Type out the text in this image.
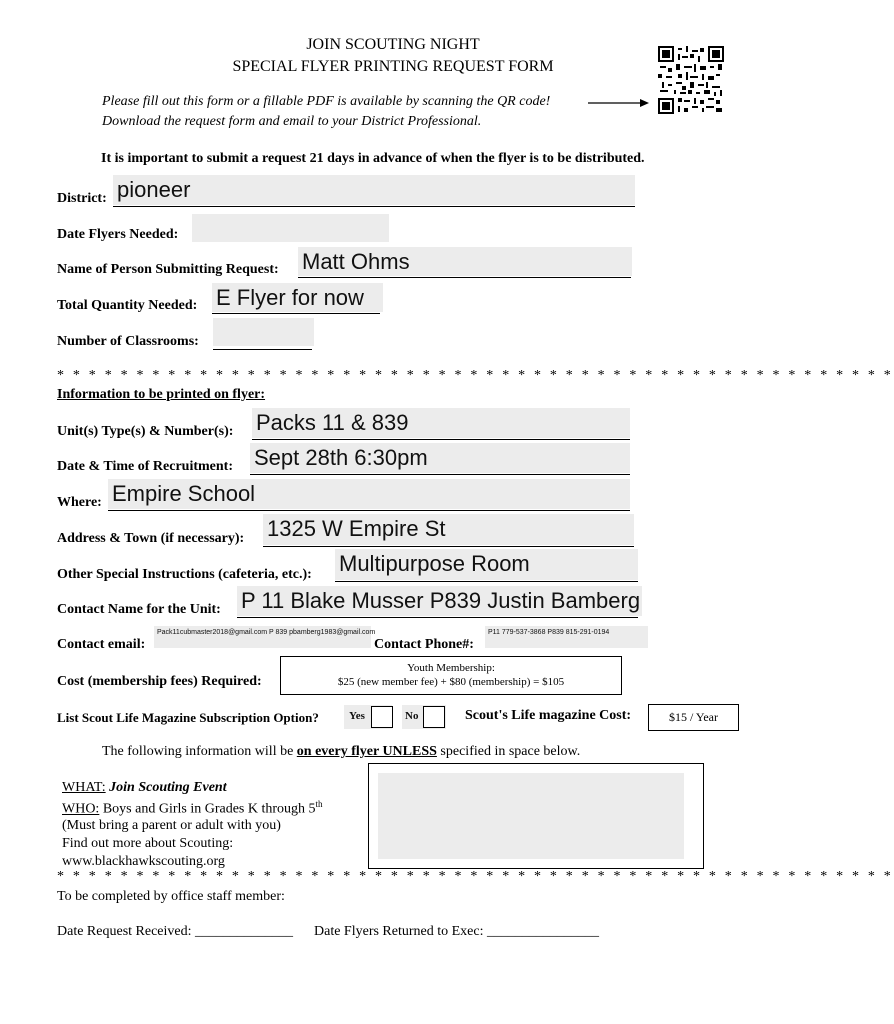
JOIN SCOUTING NIGHT
SPECIAL FLYER PRINTING REQUEST FORM
Please fill out this form or a fillable PDF is available by scanning the QR code!
Download the request form and email to your District Professional.
It is important to submit a request 21 days in advance of when the flyer is to be distributed.
District: pioneer
Date Flyers Needed:
Name of Person Submitting Request: Matt Ohms
Total Quantity Needed: E Flyer for now
Number of Classrooms:
* * * * * * * * * * * * * * * * * * * * * * * * * * * * * * * * * * * * * * * * * * * * * * * * * * * * *
Information to be printed on flyer:
Unit(s) Type(s) & Number(s): Packs 11 & 839
Date & Time of Recruitment: Sept 28th 6:30pm
Where: Empire School
Address & Town (if necessary): 1325 W Empire St
Other Special Instructions (cafeteria, etc.): Multipurpose Room
Contact Name for the Unit: P 11 Blake Musser P839 Justin Bamberg
Contact email:
Pack11cubmaster2018@gmail.com P 839 pbamberg1983@gmail.com
Contact Phone#:
P11 779-537-3868 P839 815-291-0194
Cost (membership fees) Required:
Youth Membership:
$25 (new member fee) + $80 (membership) = $105
List Scout Life Magazine Subscription Option?	Yes	No	Scout's Life magazine Cost:	$15 / Year
The following information will be on every flyer UNLESS specified in space below.
WHAT: Join Scouting Event
WHO: Boys and Girls in Grades K through 5th
(Must bring a parent or adult with you)
Find out more about Scouting:
www.blackhawkscouting.org
* * * * * * * * * * * * * * * * * * * * * * * * * * * * * * * * * * * * * * * * * * * * * * * * * * * * *
To be completed by office staff member:
Date Request Received: ______________ Date Flyers Returned to Exec: ________________
